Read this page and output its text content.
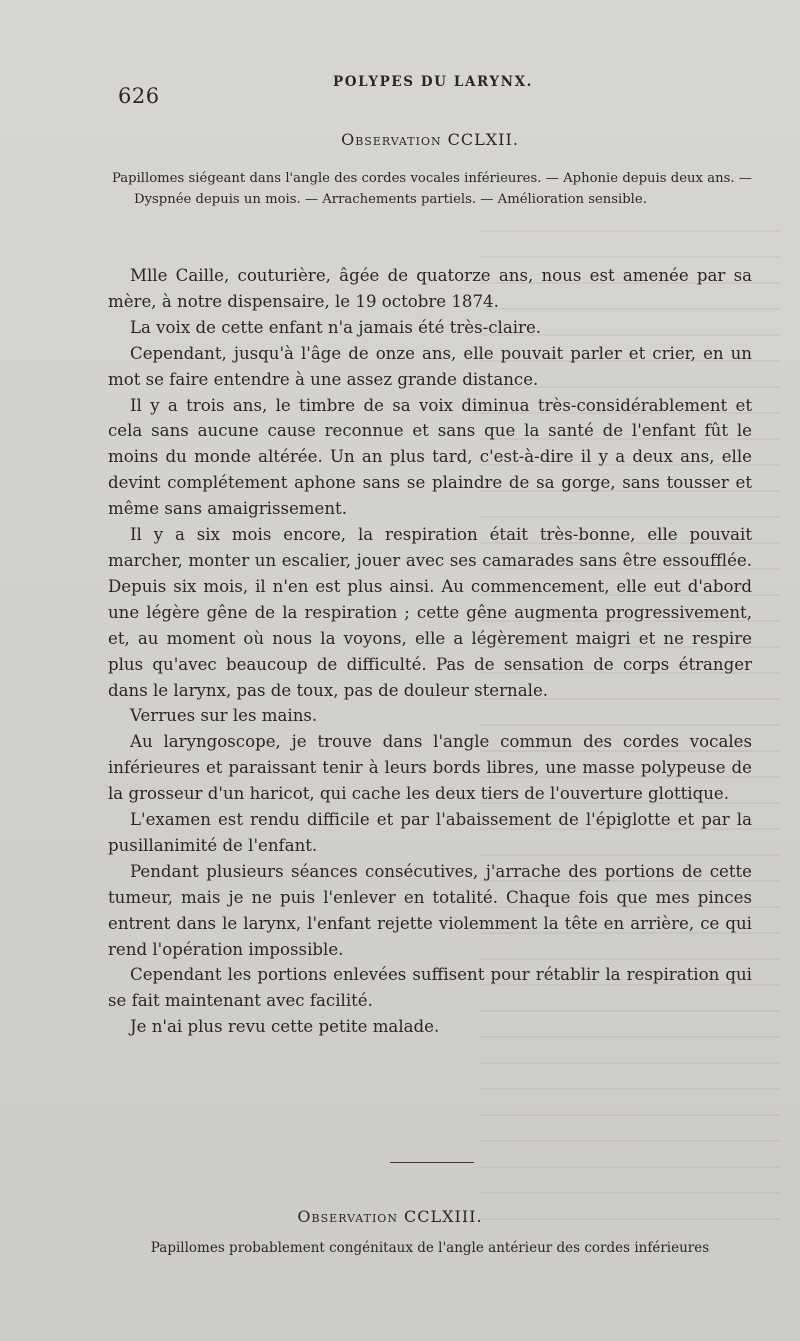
626
POLYPES DU LARYNX.
Observation CCLXII.
Papillomes siégeant dans l'angle des cordes vocales inférieures. — Aphonie depuis deux ans. — Dyspnée depuis un mois. — Arrachements partiels. — Amélioration sensible.

Mlle Caille, couturière, âgée de quatorze ans, nous est amenée par sa mère, à notre dispensaire, le 19 octobre 1874.

La voix de cette enfant n'a jamais été très-claire.

Cependant, jusqu'à l'âge de onze ans, elle pouvait parler et crier, en un mot se faire entendre à une assez grande distance.

Il y a trois ans, le timbre de sa voix diminua très-considérablement et cela sans aucune cause reconnue et sans que la santé de l'enfant fût le moins du monde altérée. Un an plus tard, c'est-à-dire il y a deux ans, elle devint complétement aphone sans se plaindre de sa gorge, sans tousser et même sans amaigrissement.

Il y a six mois encore, la respiration était très-bonne, elle pouvait marcher, monter un escalier, jouer avec ses camarades sans être essoufflée. Depuis six mois, il n'en est plus ainsi. Au commencement, elle eut d'abord une légère gêne de la respiration ; cette gêne augmenta progressivement, et, au moment où nous la voyons, elle a légèrement maigri et ne respire plus qu'avec beaucoup de difficulté. Pas de sensation de corps étranger dans le larynx, pas de toux, pas de douleur sternale.

Verrues sur les mains.

Au laryngoscope, je trouve dans l'angle commun des cordes vocales inférieures et paraissant tenir à leurs bords libres, une masse polypeuse de la grosseur d'un haricot, qui cache les deux tiers de l'ouverture glottique.

L'examen est rendu difficile et par l'abaissement de l'épiglotte et par la pusillanimité de l'enfant.

Pendant plusieurs séances consécutives, j'arrache des portions de cette tumeur, mais je ne puis l'enlever en totalité. Chaque fois que mes pinces entrent dans le larynx, l'enfant rejette violemment la tête en arrière, ce qui rend l'opération impossible.

Cependant les portions enlevées suffisent pour rétablir la respiration qui se fait maintenant avec facilité.

Je n'ai plus revu cette petite malade.

Observation CCLXIII.
Papillomes probablement congénitaux de l'angle antérieur des cordes inférieures
